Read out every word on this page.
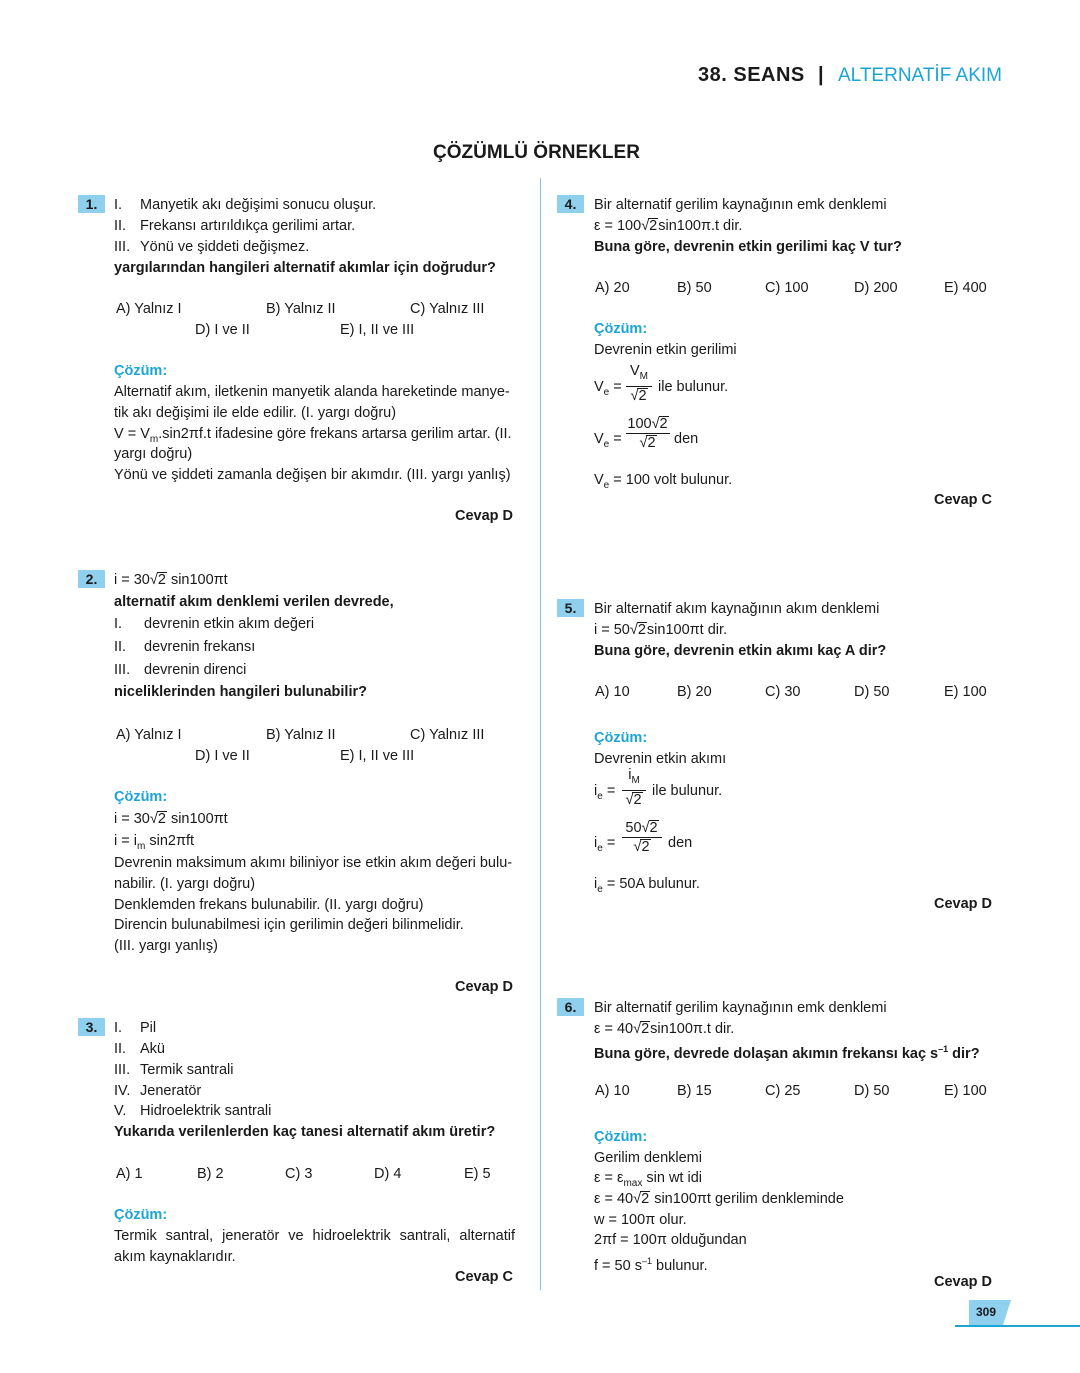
38. SEANS | ALTERNATİF AKIM
ÇÖZÜMLÜ ÖRNEKLER
1.	I. Manyetik akı değişimi sonucu oluşur.
II. Frekansı artırıldıkça gerilimi artar.
III. Yönü ve şiddeti değişmez.
yargılarından hangileri alternatif akımlar için doğrudur?
A) Yalnız I	B) Yalnız II	C) Yalnız III
D) I ve II	E) I, II ve III
Çözüm:
Alternatif akım, iletkenin manyetik alanda hareketinde manye-
tik akı değişimi ile elde edilir. (I. yargı doğru)
$V = V_m.\sin 2\pi f.t$ ifadesine göre frekans artarsa gerilim artar. (II.
yargı doğru)
Yönü ve şiddeti zamanla değişen bir akımdır. (III. yargı yanlış)
Cevap D
2.	i = 30√2 sin100πt
alternatif akım denklemi verilen devrede,
I. devrenin etkin akım değeri
II. devrenin frekansı
III. devrenin direnci
niceliklerinden hangileri bulunabilir?
A) Yalnız I	B) Yalnız II	C) Yalnız III
D) I ve II	E) I, II ve III
Çözüm:
i = 30√2 sin100πt
$i = i_m$ sin2πft
Devrenin maksimum akımı biliniyor ise etkin akım değeri bulu-
nabilir. (I. yargı doğru)
Denklemden frekans bulunabilir. (II. yargı doğru)
Direncin bulunabilmesi için gerilimin değeri bilinmelidir.
(III. yargı yanlış)
Cevap D
3.	I. Pil
II. Akü
III. Termik santrali
IV. Jeneratör
V. Hidroelektrik santrali
Yukarıda verilenlerden kaç tanesi alternatif akım üretir?
A) 1	B) 2	C) 3	D) 4	E) 5
Çözüm:
Termik santral, jeneratör ve hidroelektrik santrali, alternatif
akım kaynaklarıdır.
Cevap C
4.	Bir alternatif gerilim kaynağının emk denklemi
ε = 100√2sin100π.t dir.
Buna göre, devrenin etkin gerilimi kaç V tur?
A) 20	B) 50	C) 100	D) 200	E) 400
Çözüm:
Devrenin etkin gerilimi
$V_e$ =
$V_M$
√2
ile bulunur.
$V_e$ =
100√2
√2	den
$V_e = 100$ volt bulunur.
Cevap C
5.	Bir alternatif akım kaynağının akım denklemi
i = 50√2sin100πt dir.
Buna göre, devrenin etkin akımı kaç A dir?
A) 10	B) 20	C) 30	D) 50	E) 100
Çözüm:
Devrenin etkin akımı
$i_e$ =
$i_M$
√2
ile bulunur.
$i_e$ =
50√2
√2	den
$i_e = 50A$ bulunur.
Cevap D
6.	Bir alternatif gerilim kaynağının emk denklemi
ε = 40√2sin100π.t dir.
Buna göre, devrede dolaşan akımın frekansı kaç $s^{-1}$ dir?
A) 10	B) 15	C) 25	D) 50	E) 100
Çözüm:
Gerilim denklemi
$\varepsilon = \varepsilon_{max}$ sin wt idi
ε = 40√2 sin100πt gerilim denkleminde
w = 100π olur.
2πf = 100π olduğundan
f = 50 $s^{-1}$ bulunur.
Cevap D
309
